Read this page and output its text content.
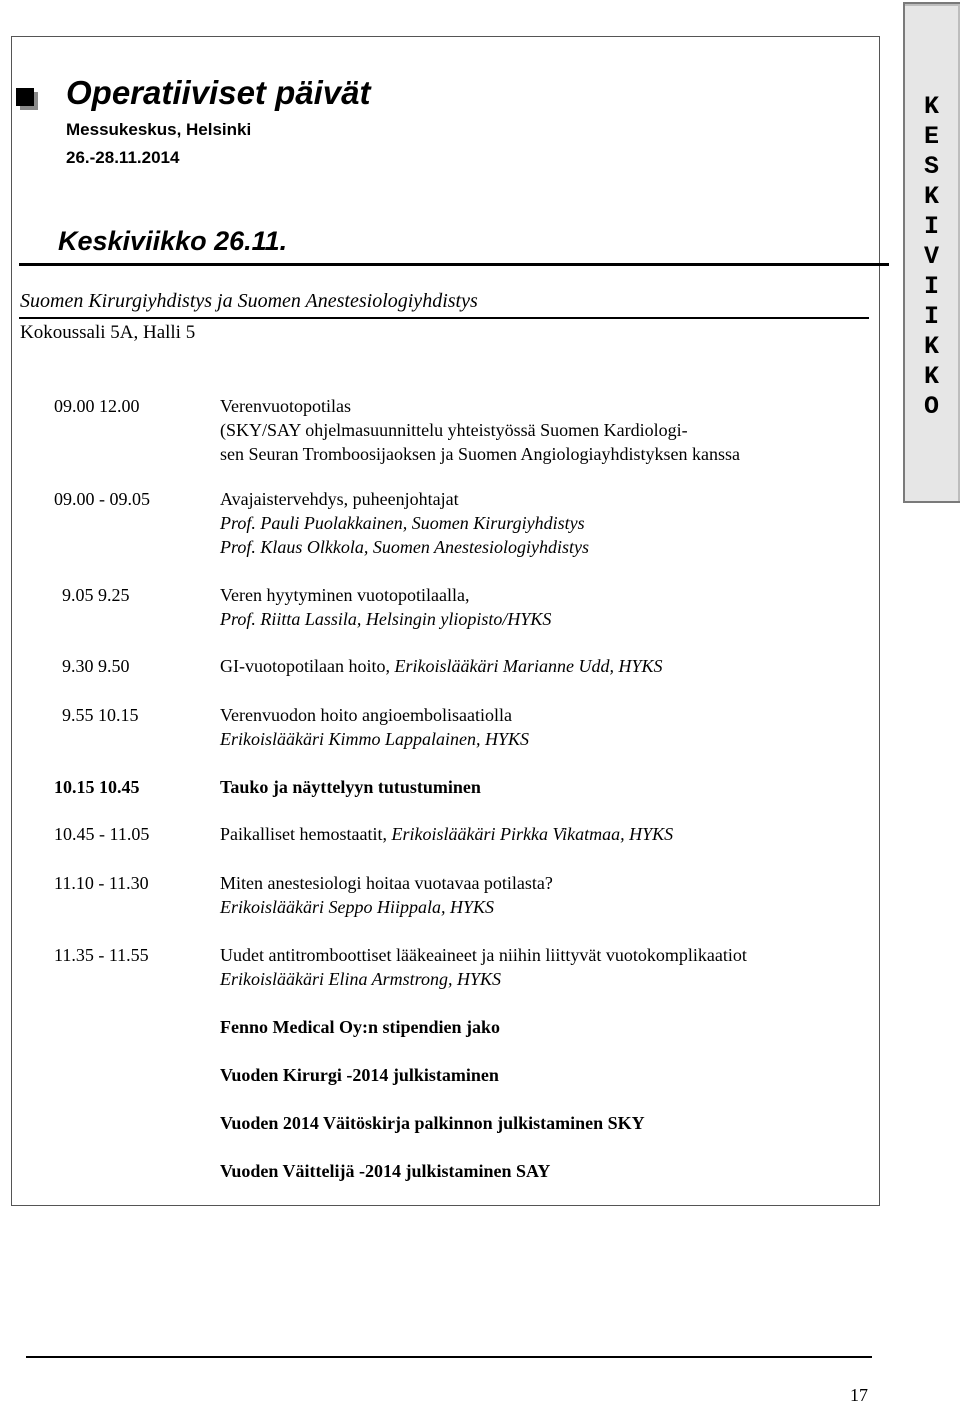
K
E
S
K
I
V
I
I
K
K
O
Operatiiviset päivät
Messukeskus, Helsinki
26.-28.11.2014
Keskiviikko 26.11.
Suomen Kirurgiyhdistys ja Suomen Anestesiologiyhdistys
Kokoussali 5A, Halli 5
09.00 12.00	Verenvuotopotilas
(SKY/SAY ohjelmasuunnittelu yhteistyössä Suomen Kardiologi-
sen Seuran Tromboosijaoksen ja Suomen Angiologiayhdistyksen kanssa
09.00 - 09.05	Avajaistervehdys, puheenjohtajat
Prof. Pauli Puolakkainen, Suomen Kirurgiyhdistys
Prof. Klaus Olkkola, Suomen Anestesiologiyhdistys
9.05 9.25	Veren hyytyminen vuotopotilaalla,
Prof. Riitta Lassila, Helsingin yliopisto/HYKS
9.30 9.50	GI-vuotopotilaan hoito, Erikoislääkäri Marianne Udd, HYKS
9.55 10.15	Verenvuodon hoito angioembolisaatiolla
Erikoislääkäri Kimmo Lappalainen, HYKS
10.15 10.45	Tauko ja näyttelyyn tutustuminen
10.45 - 11.05	Paikalliset hemostaatit, Erikoislääkäri Pirkka Vikatmaa, HYKS
11.10 - 11.30	Miten anestesiologi hoitaa vuotavaa potilasta?
Erikoislääkäri Seppo Hiippala, HYKS
11.35 - 11.55	Uudet antitromboottiset lääkeaineet ja niihin liittyvät vuotokomplikaatiot
Erikoislääkäri Elina Armstrong, HYKS
Fenno Medical Oy:n stipendien jako
Vuoden Kirurgi -2014 julkistaminen
Vuoden 2014 Väitöskirja palkinnon julkistaminen SKY
Vuoden Väittelijä -2014 julkistaminen SAY
17
